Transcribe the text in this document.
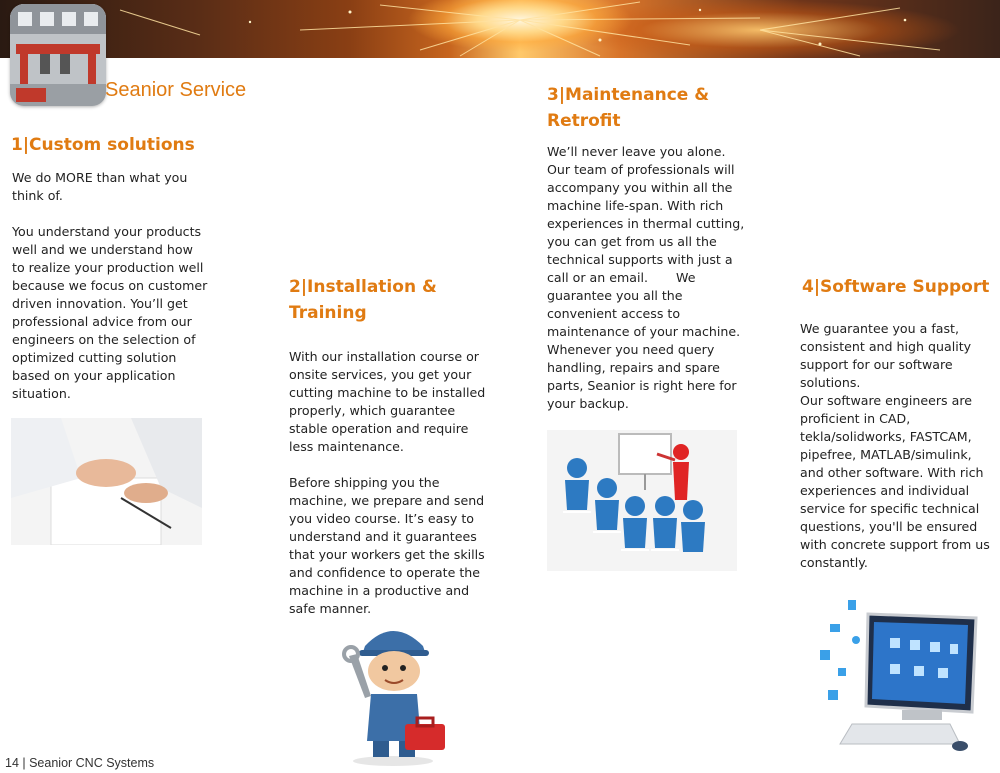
Seanior Service
1|Custom solutions
We do MORE than what you
think of.
You understand your products
well and we understand how
to realize your production well
because we focus on customer
driven innovation. You’ll get
professional advice from our
engineers on the selection of
optimized cutting solution
based on your application
situation.
2|Installation &
Training
With our installation course or
onsite services, you get your
cutting machine to be installed
properly, which guarantee
stable operation and require
less maintenance.
Before shipping you the
machine, we prepare and send
you video course. It’s easy to
understand and it guarantees
that your workers get the skills
and confidence to operate the
machine in a productive and
safe manner.
3|Maintenance &
Retrofit
We’ll never leave you alone.
Our team of professionals will
accompany you within all the
machine life-span. With rich
experiences in thermal cutting,
you can get from us all the
technical supports with just a
call or an email.       We
guarantee you all the
convenient access to
maintenance of your machine.
Whenever you need query
handling, repairs and spare
parts, Seanior is right here for
your backup.
4|Software Support
We guarantee you a fast,
consistent and high quality
support for our software
solutions.
Our software engineers are
proficient in CAD,
tekla/solidworks, FASTCAM,
pipefree, MATLAB/simulink,
and other software. With rich
experiences and individual
service for specific technical
questions, you'll be ensured
with concrete support from us
constantly.
14 | Seanior CNC Systems
